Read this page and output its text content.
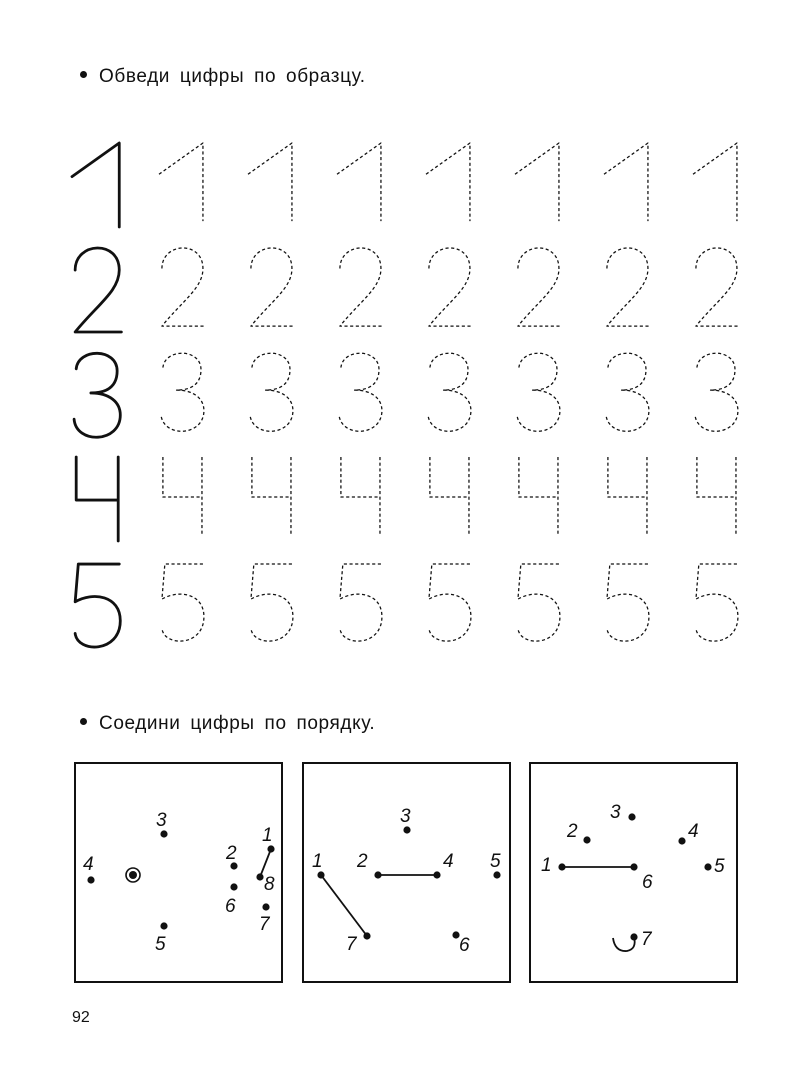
Обведи цифры по образцу.
Соедини цифры по порядку.
1
2
3
4
5
6
7
8
1 2
3
4 5
6
7
1
2
3
4
5
6
7
92
